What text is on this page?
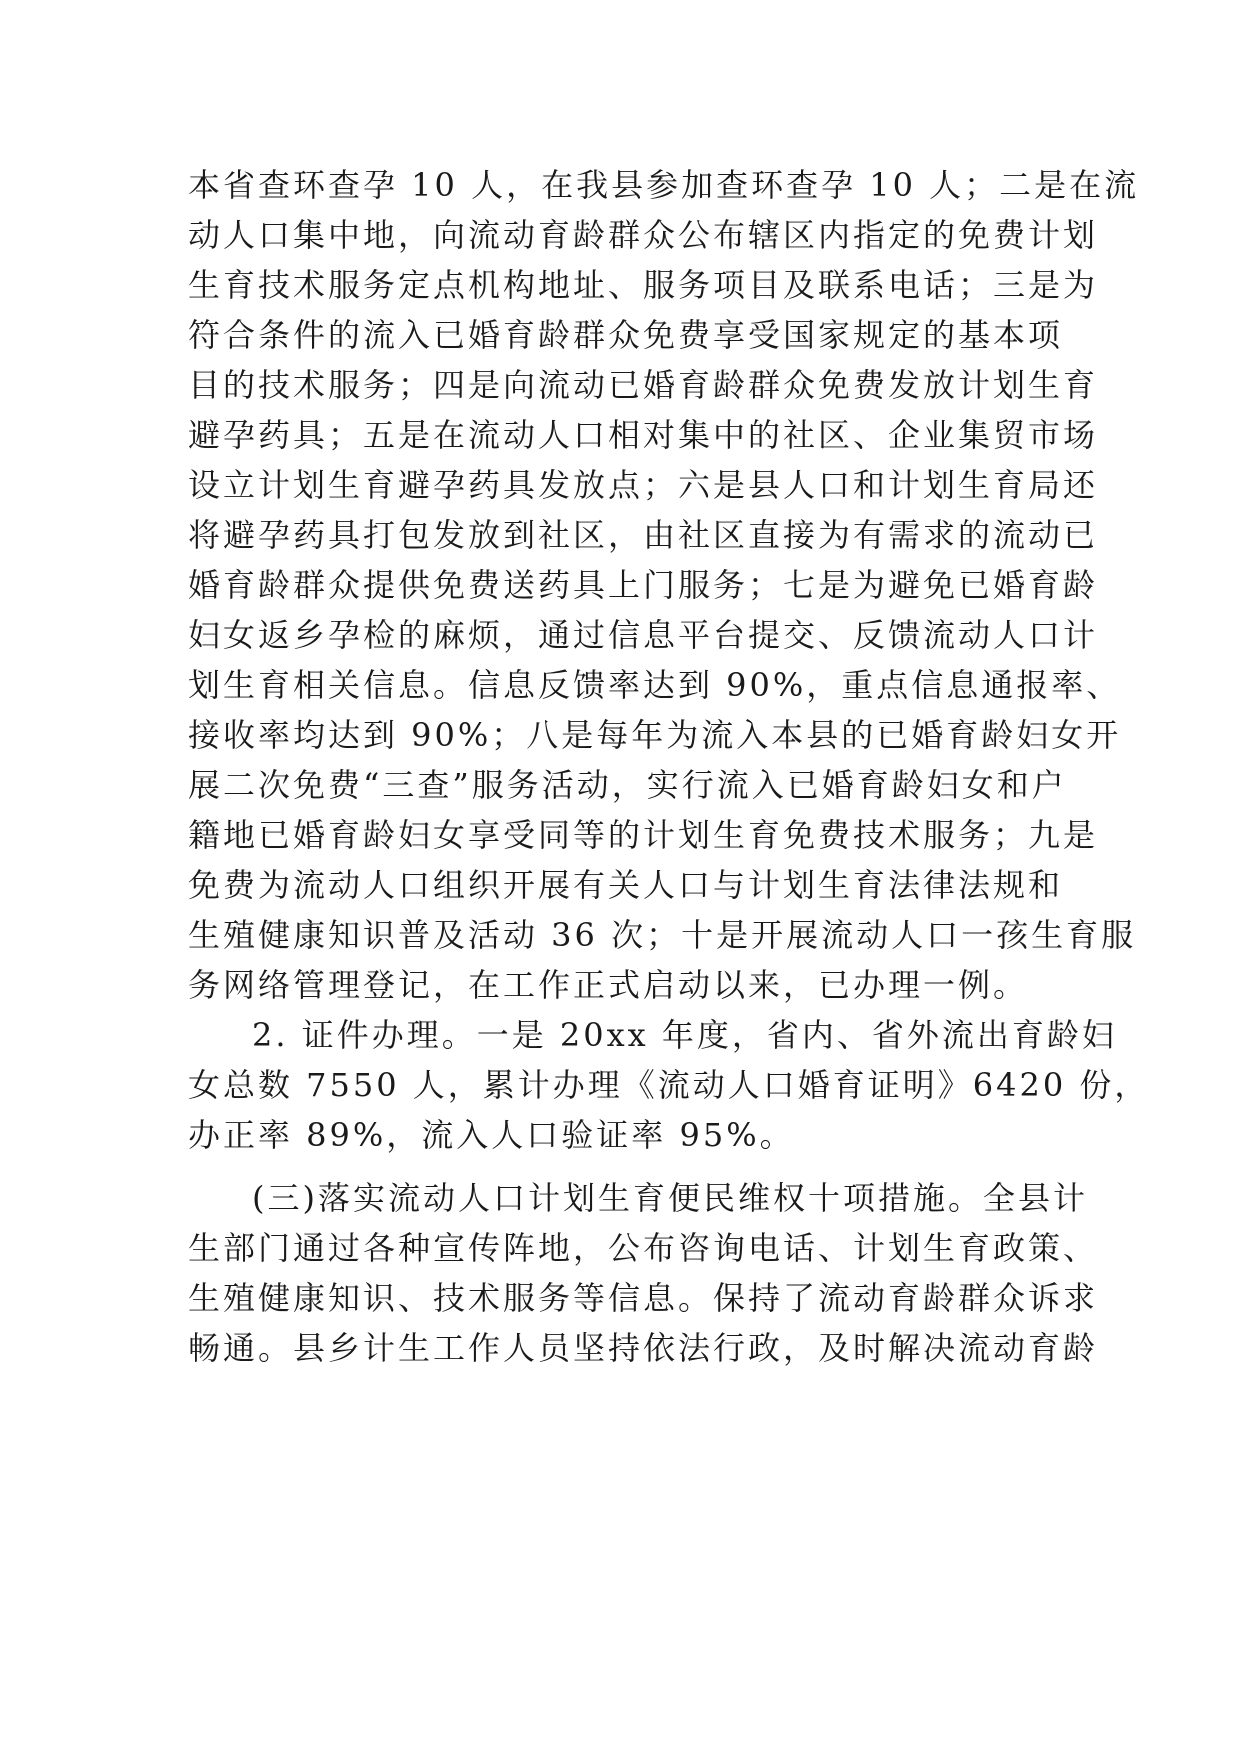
本省查环查孕 10 人，在我县参加查环查孕 10 人；二是在流
动人口集中地，向流动育龄群众公布辖区内指定的免费计划
生育技术服务定点机构地址、服务项目及联系电话；三是为
符合条件的流入已婚育龄群众免费享受国家规定的基本项
目的技术服务；四是向流动已婚育龄群众免费发放计划生育
避孕药具；五是在流动人口相对集中的社区、企业集贸市场
设立计划生育避孕药具发放点；六是县人口和计划生育局还
将避孕药具打包发放到社区，由社区直接为有需求的流动已
婚育龄群众提供免费送药具上门服务；七是为避免已婚育龄
妇女返乡孕检的麻烦，通过信息平台提交、反馈流动人口计
划生育相关信息。信息反馈率达到 90%，重点信息通报率、
接收率均达到 90%；八是每年为流入本县的已婚育龄妇女开
展二次免费“三查”服务活动，实行流入已婚育龄妇女和户
籍地已婚育龄妇女享受同等的计划生育免费技术服务；九是
免费为流动人口组织开展有关人口与计划生育法律法规和
生殖健康知识普及活动 36 次；十是开展流动人口一孩生育服
务网络管理登记，在工作正式启动以来，已办理一例。
2. 证件办理。一是 20xx 年度，省内、省外流出育龄妇
女总数 7550 人，累计办理《流动人口婚育证明》6420 份，
办正率 89%，流入人口验证率 95%。
(三)落实流动人口计划生育便民维权十项措施。全县计
生部门通过各种宣传阵地，公布咨询电话、计划生育政策、
生殖健康知识、技术服务等信息。保持了流动育龄群众诉求
畅通。县乡计生工作人员坚持依法行政，及时解决流动育龄
